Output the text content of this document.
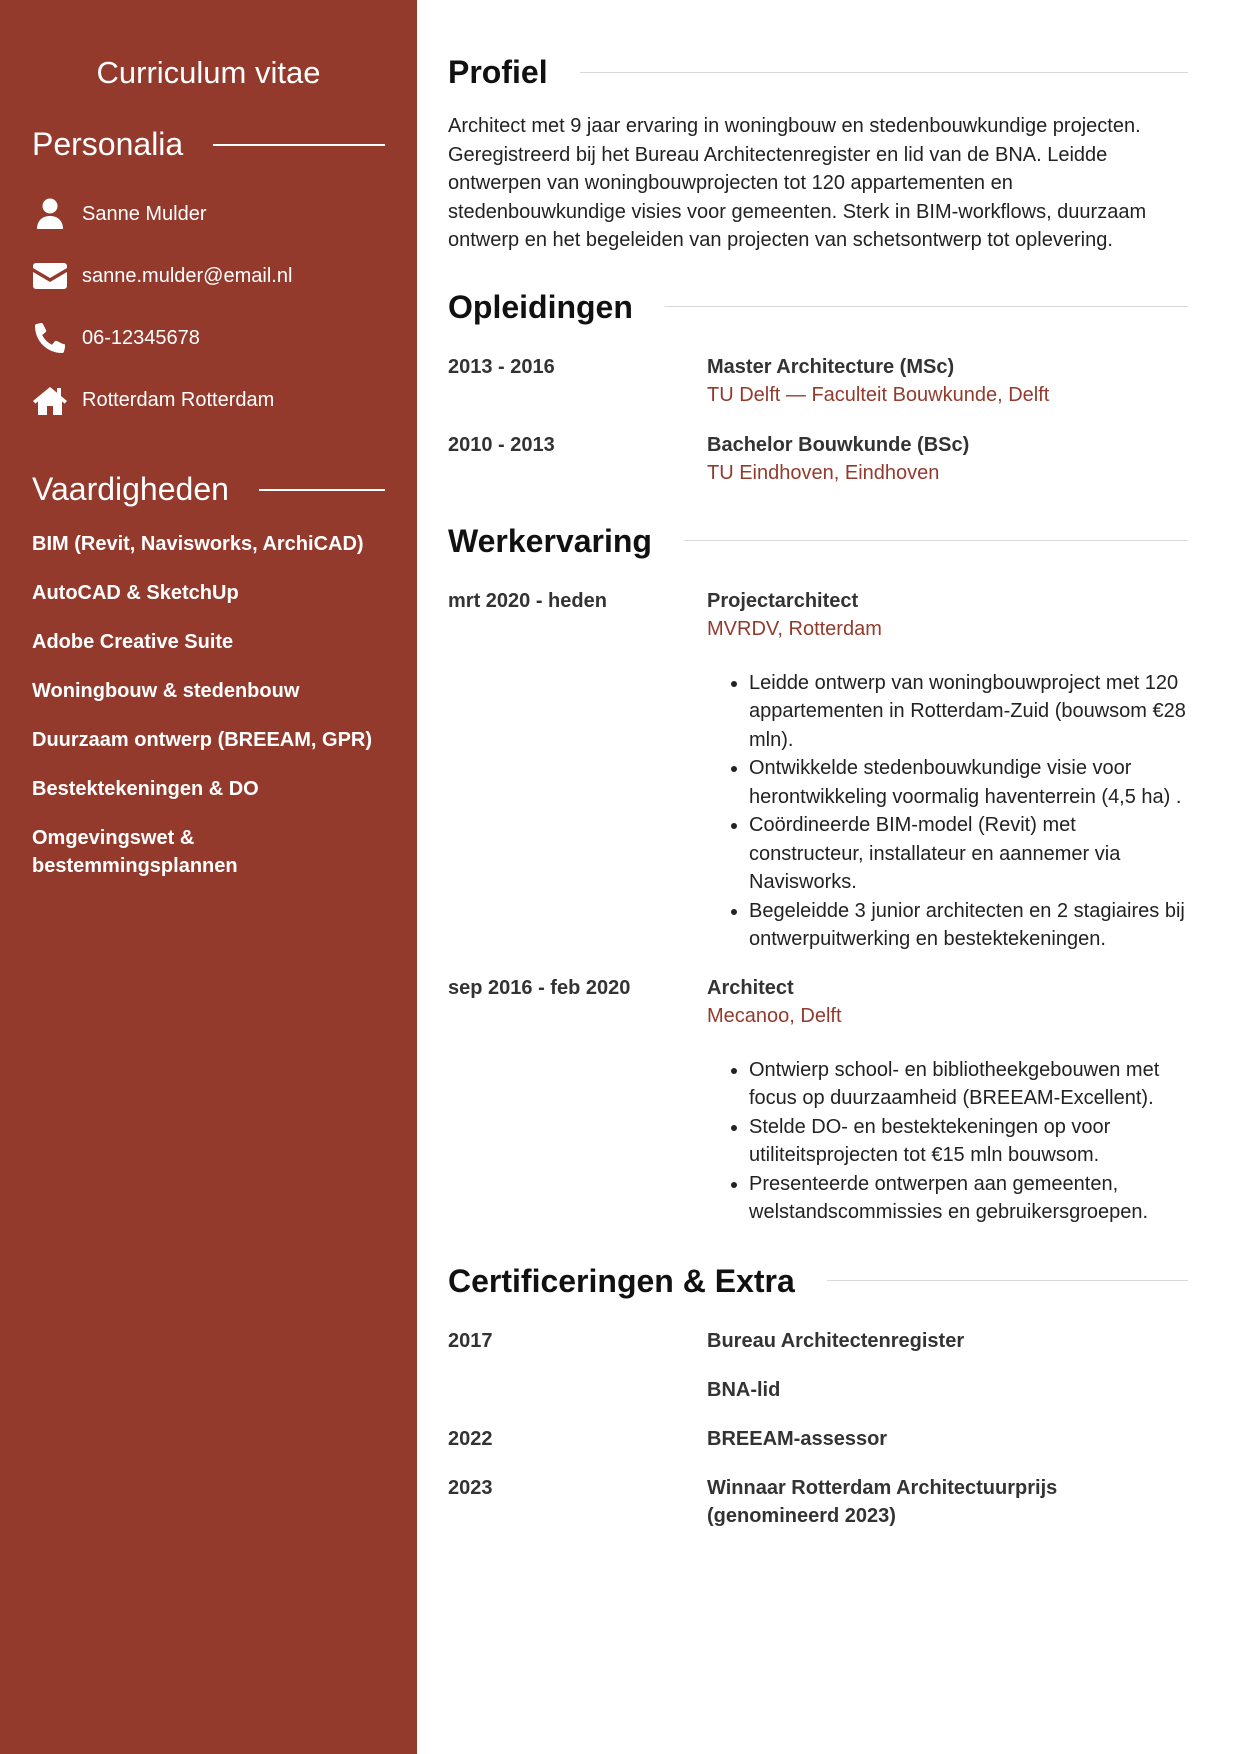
Curriculum vitae
Personalia
Sanne Mulder
sanne.mulder@email.nl
06-12345678
Rotterdam Rotterdam
Vaardigheden
BIM (Revit, Navisworks, ArchiCAD)
AutoCAD & SketchUp
Adobe Creative Suite
Woningbouw & stedenbouw
Duurzaam ontwerp (BREEAM, GPR)
Bestektekeningen & DO
Omgevingswet & bestemmingsplannen
Profiel

Architect met 9 jaar ervaring in woningbouw en stedenbouwkundige projecten. Geregistreerd bij het Bureau Architectenregister en lid van de BNA. Leidde ontwerpen van woningbouwprojecten tot 120 appartementen en stedenbouwkundige visies voor gemeenten. Sterk in BIM-workflows, duurzaam ontwerp en het begeleiden van projecten van schetsontwerp tot oplevering.

Opleidingen
2013 - 2016	Master Architecture (MSc)
TU Delft — Faculteit Bouwkunde, Delft
2010 - 2013	Bachelor Bouwkunde (BSc)
TU Eindhoven, Eindhoven
Werkervaring
mrt 2020 - heden	Projectarchitect
MVRDV, Rotterdam
• Leidde ontwerp van woningbouwproject met 120 appartementen in Rotterdam-Zuid (bouwsom €28 mln).
• Ontwikkelde stedenbouwkundige visie voor herontwikkeling voormalig haventerrein (4,5 ha) .
• Coördineerde BIM-model (Revit) met constructeur, installateur en aannemer via Navisworks.
• Begeleidde 3 junior architecten en 2 stagiaires bij ontwerpuitwerking en bestektekeningen.
sep 2016 - feb 2020	Architect
Mecanoo, Delft
• Ontwierp school- en bibliotheekgebouwen met focus op duurzaamheid (BREEAM-Excellent).
• Stelde DO- en bestektekeningen op voor utiliteitsprojecten tot €15 mln bouwsom.
• Presenteerde ontwerpen aan gemeenten, welstandscommissies en gebruikersgroepen.
Certificeringen & Extra
2017	Bureau Architectenregister
BNA-lid
2022	BREEAM-assessor
2023	Winnaar Rotterdam Architectuurprijs (genomineerd 2023)
